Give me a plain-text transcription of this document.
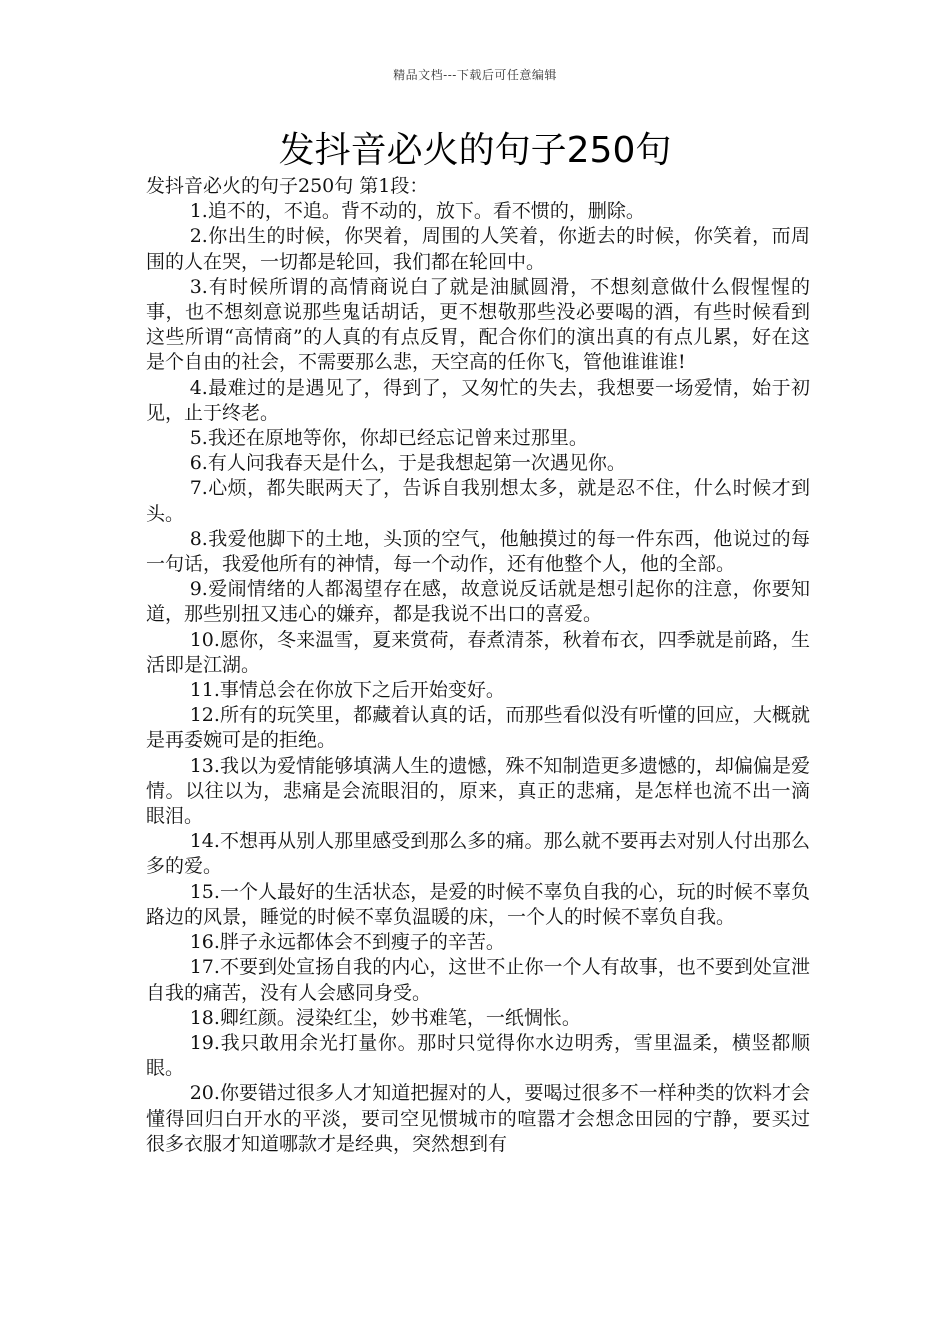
精品文档---下载后可任意编辑
发抖音必火的句子250句

发抖音必火的句子250句 第1段：

1.追不的，不追。背不动的，放下。看不惯的，删除。

2.你出生的时候，你哭着，周围的人笑着，你逝去的时候，你笑着，而周围的人在哭，一切都是轮回，我们都在轮回中。

3.有时候所谓的高情商说白了就是油腻圆滑，不想刻意做什么假惺惺的事，也不想刻意说那些鬼话胡话，更不想敬那些没必要喝的酒，有些时候看到这些所谓“高情商”的人真的有点反胃，配合你们的演出真的有点儿累，好在这是个自由的社会，不需要那么悲，天空高的任你飞，管他谁谁谁!

4.最难过的是遇见了，得到了，又匆忙的失去，我想要一场爱情，始于初见，止于终老。

5.我还在原地等你，你却已经忘记曾来过那里。

6.有人问我春天是什么，于是我想起第一次遇见你。

7.心烦，都失眠两天了，告诉自我别想太多，就是忍不住，什么时候才到头。

8.我爱他脚下的土地，头顶的空气，他触摸过的每一件东西，他说过的每一句话，我爱他所有的神情，每一个动作，还有他整个人，他的全部。

9.爱闹情绪的人都渴望存在感，故意说反话就是想引起你的注意，你要知道，那些别扭又违心的嫌弃，都是我说不出口的喜爱。

10.愿你，冬来温雪，夏来赏荷，春煮清茶，秋着布衣，四季就是前路，生活即是江湖。

11.事情总会在你放下之后开始变好。

12.所有的玩笑里，都藏着认真的话，而那些看似没有听懂的回应，大概就是再委婉可是的拒绝。

13.我以为爱情能够填满人生的遗憾，殊不知制造更多遗憾的，却偏偏是爱情。以往以为，悲痛是会流眼泪的，原来，真正的悲痛，是怎样也流不出一滴眼泪。

14.不想再从别人那里感受到那么多的痛。那么就不要再去对别人付出那么多的爱。

15.一个人最好的生活状态，是爱的时候不辜负自我的心，玩的时候不辜负路边的风景，睡觉的时候不辜负温暖的床，一个人的时候不辜负自我。

16.胖子永远都体会不到瘦子的辛苦。

17.不要到处宣扬自我的内心，这世不止你一个人有故事，也不要到处宣泄自我的痛苦，没有人会感同身受。

18.卿红颜。浸染红尘，妙书难笔，一纸惆怅。

19.我只敢用余光打量你。那时只觉得你水边明秀，雪里温柔，横竖都顺眼。

20.你要错过很多人才知道把握对的人，要喝过很多不一样种类的饮料才会懂得回归白开水的平淡，要司空见惯城市的喧嚣才会想念田园的宁静，要买过很多衣服才知道哪款才是经典，突然想到有
